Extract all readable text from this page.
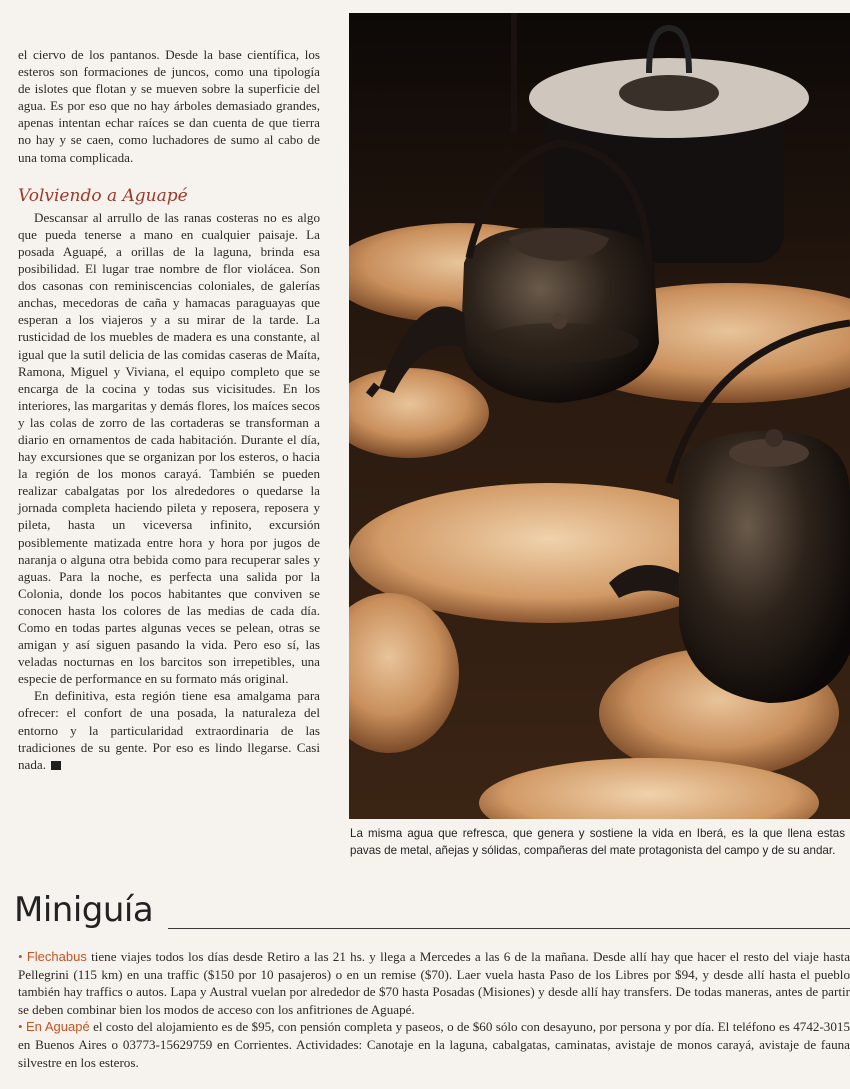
el ciervo de los pantanos. Desde la base científica, los esteros son formaciones de juncos, como una tipología de islotes que flotan y se mueven sobre la superficie del agua. Es por eso que no hay árboles demasiado grandes, apenas intentan echar raíces se dan cuenta de que tierra no hay y se caen, como luchadores de sumo al cabo de una toma complicada.

Volviendo a Aguapé

Descansar al arrullo de las ranas costeras no es algo que pueda tenerse a mano en cualquier paisaje. La posada Aguapé, a orillas de la laguna, brinda esa posibilidad. El lugar trae nombre de flor violácea. Son dos casonas con reminiscencias coloniales, de galerías anchas, mecedoras de caña y hamacas paraguayas que esperan a los viajeros y a su mirar de la tarde. La rusticidad de los muebles de madera es una constante, al igual que la sutil delicia de las comidas caseras de Maíta, Ramona, Miguel y Viviana, el equipo completo que se encarga de la cocina y todas sus vicisitudes. En los interiores, las margaritas y demás flores, los maíces secos y las colas de zorro de las cortaderas se transforman a diario en ornamentos de cada habitación. Durante el día, hay excursiones que se organizan por los esteros, o hacia la región de los monos carayá. También se pueden realizar cabalgatas por los alrededores o quedarse la jornada completa haciendo pileta y reposera, reposera y pileta, hasta un viceversa infinito, excursión posiblemente matizada entre hora y hora por jugos de naranja o alguna otra bebida como para recuperar sales y aguas. Para la noche, es perfecta una salida por la Colonia, donde los pocos habitantes que conviven se conocen hasta los colores de las medias de cada día. Como en todas partes algunas veces se pelean, otras se amigan y así siguen pasando la vida. Pero eso sí, las veladas nocturnas en los barcitos son irrepetibles, una especie de performance en su formato más original.

En definitiva, esta región tiene esa amalgama para ofrecer: el confort de una posada, la naturaleza del entorno y la particularidad extraordinaria de las tradiciones de su gente. Por eso es lindo llegarse. Casi nada.

La misma agua que refresca, que genera y sostiene la vida en Iberá, es la que llena estas pavas de metal, añejas y sólidas, compañeras del mate protagonista del campo y de su andar.
Miniguía

• Flechabus tiene viajes todos los días desde Retiro a las 21 hs. y llega a Mercedes a las 6 de la mañana. Desde allí hay que hacer el resto del viaje hasta Pellegrini (115 km) en una traffic ($150 por 10 pasajeros) o en un remise ($70). Laer vuela hasta Paso de los Libres por $94, y desde allí hasta el pueblo también hay traffics o autos. Lapa y Austral vuelan por alrededor de $70 hasta Posadas (Misiones) y desde allí hay transfers. De todas maneras, antes de partir se deben combinar bien los modos de acceso con los anfitriones de Aguapé.

• En Aguapé el costo del alojamiento es de $95, con pensión completa y paseos, o de $60 sólo con desayuno, por persona y por día. El teléfono es 4742-3015 en Buenos Aires o 03773-15629759 en Corrientes. Actividades: Canotaje en la laguna, cabalgatas, caminatas, avistaje de monos carayá, avistaje de fauna silvestre en los esteros.
